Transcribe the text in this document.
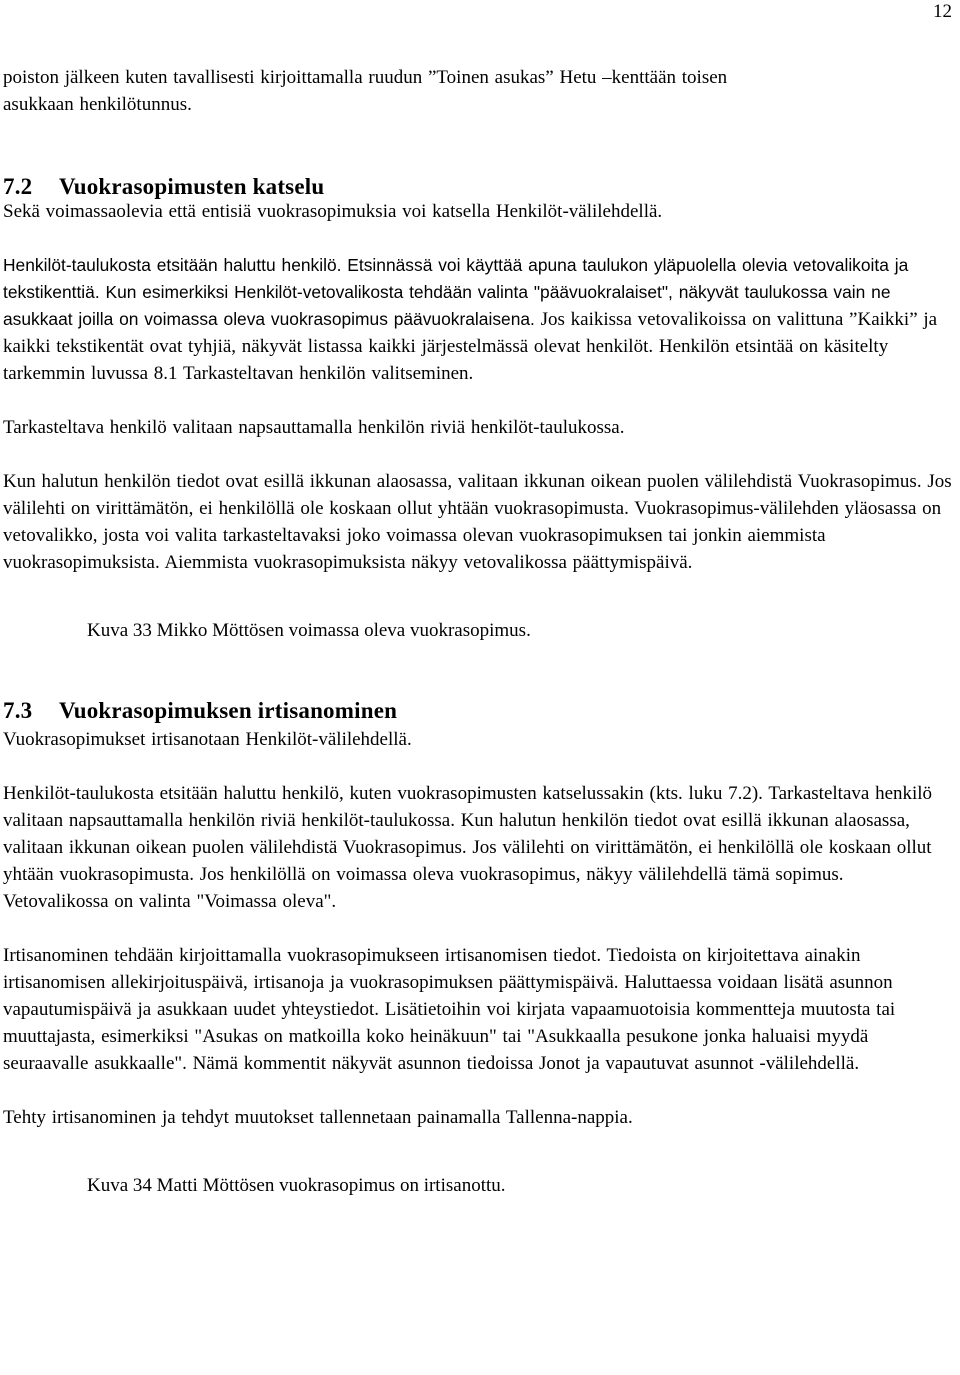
12

poiston jälkeen kuten tavallisesti kirjoittamalla ruudun ”Toinen asukas” Hetu –kenttään toisen
asukkaan henkilötunnus.

7.2 Vuokrasopimusten katselu

Sekä voimassaolevia että entisiä vuokrasopimuksia voi katsella Henkilöt-välilehdellä.

Henkilöt-taulukosta etsitään haluttu henkilö. Etsinnässä voi käyttää apuna taulukon yläpuolella olevia vetovalikoita ja tekstikenttiä. Kun esimerkiksi Henkilöt-vetovalikosta tehdään valinta "päävuokralaiset", näkyvät taulukossa vain ne asukkaat joilla on voimassa oleva vuokrasopimus päävuokralaisena. Jos kaikissa vetovalikoissa on valittuna ”Kaikki” ja kaikki tekstikentät ovat tyhjiä, näkyvät listassa kaikki järjestelmässä olevat henkilöt. Henkilön etsintää on käsitelty tarkemmin luvussa 8.1 Tarkasteltavan henkilön valitseminen.

Tarkasteltava henkilö valitaan napsauttamalla henkilön riviä henkilöt-taulukossa.

Kun halutun henkilön tiedot ovat esillä ikkunan alaosassa, valitaan ikkunan oikean puolen välilehdistä Vuokrasopimus. Jos välilehti on virittämätön, ei henkilöllä ole koskaan ollut yhtään vuokrasopimusta. Vuokrasopimus-välilehden yläosassa on vetovalikko, josta voi valita tarkasteltavaksi joko voimassa olevan vuokrasopimuksen tai jonkin aiemmista vuokrasopimuksista. Aiemmista vuokrasopimuksista näkyy vetovalikossa päättymispäivä.

Kuva 33 Mikko Möttösen voimassa oleva vuokrasopimus.

7.3 Vuokrasopimuksen irtisanominen

Vuokrasopimukset irtisanotaan Henkilöt-välilehdellä.

Henkilöt-taulukosta etsitään haluttu henkilö, kuten vuokrasopimusten katselussakin (kts. luku 7.2). Tarkasteltava henkilö valitaan napsauttamalla henkilön riviä henkilöt-taulukossa. Kun halutun henkilön tiedot ovat esillä ikkunan alaosassa, valitaan ikkunan oikean puolen välilehdistä Vuokrasopimus. Jos välilehti on virittämätön, ei henkilöllä ole koskaan ollut yhtään vuokrasopimusta. Jos henkilöllä on voimassa oleva vuokrasopimus, näkyy välilehdellä tämä sopimus. Vetovalikossa on valinta "Voimassa oleva".

Irtisanominen tehdään kirjoittamalla vuokrasopimukseen irtisanomisen tiedot. Tiedoista on kirjoitettava ainakin irtisanomisen allekirjoituspäivä, irtisanoja ja vuokrasopimuksen päättymispäivä. Haluttaessa voidaan lisätä asunnon vapautumispäivä ja asukkaan uudet yhteystiedot. Lisätietoihin voi kirjata vapaamuotoisia kommentteja muutosta tai muuttajasta, esimerkiksi "Asukas on matkoilla koko heinäkuun" tai "Asukkaalla pesukone jonka haluaisi myydä seuraavalle asukkaalle". Nämä kommentit näkyvät asunnon tiedoissa Jonot ja vapautuvat asunnot -välilehdellä.

Tehty irtisanominen ja tehdyt muutokset tallennetaan painamalla Tallenna-nappia.

Kuva 34 Matti Möttösen vuokrasopimus on irtisanottu.
